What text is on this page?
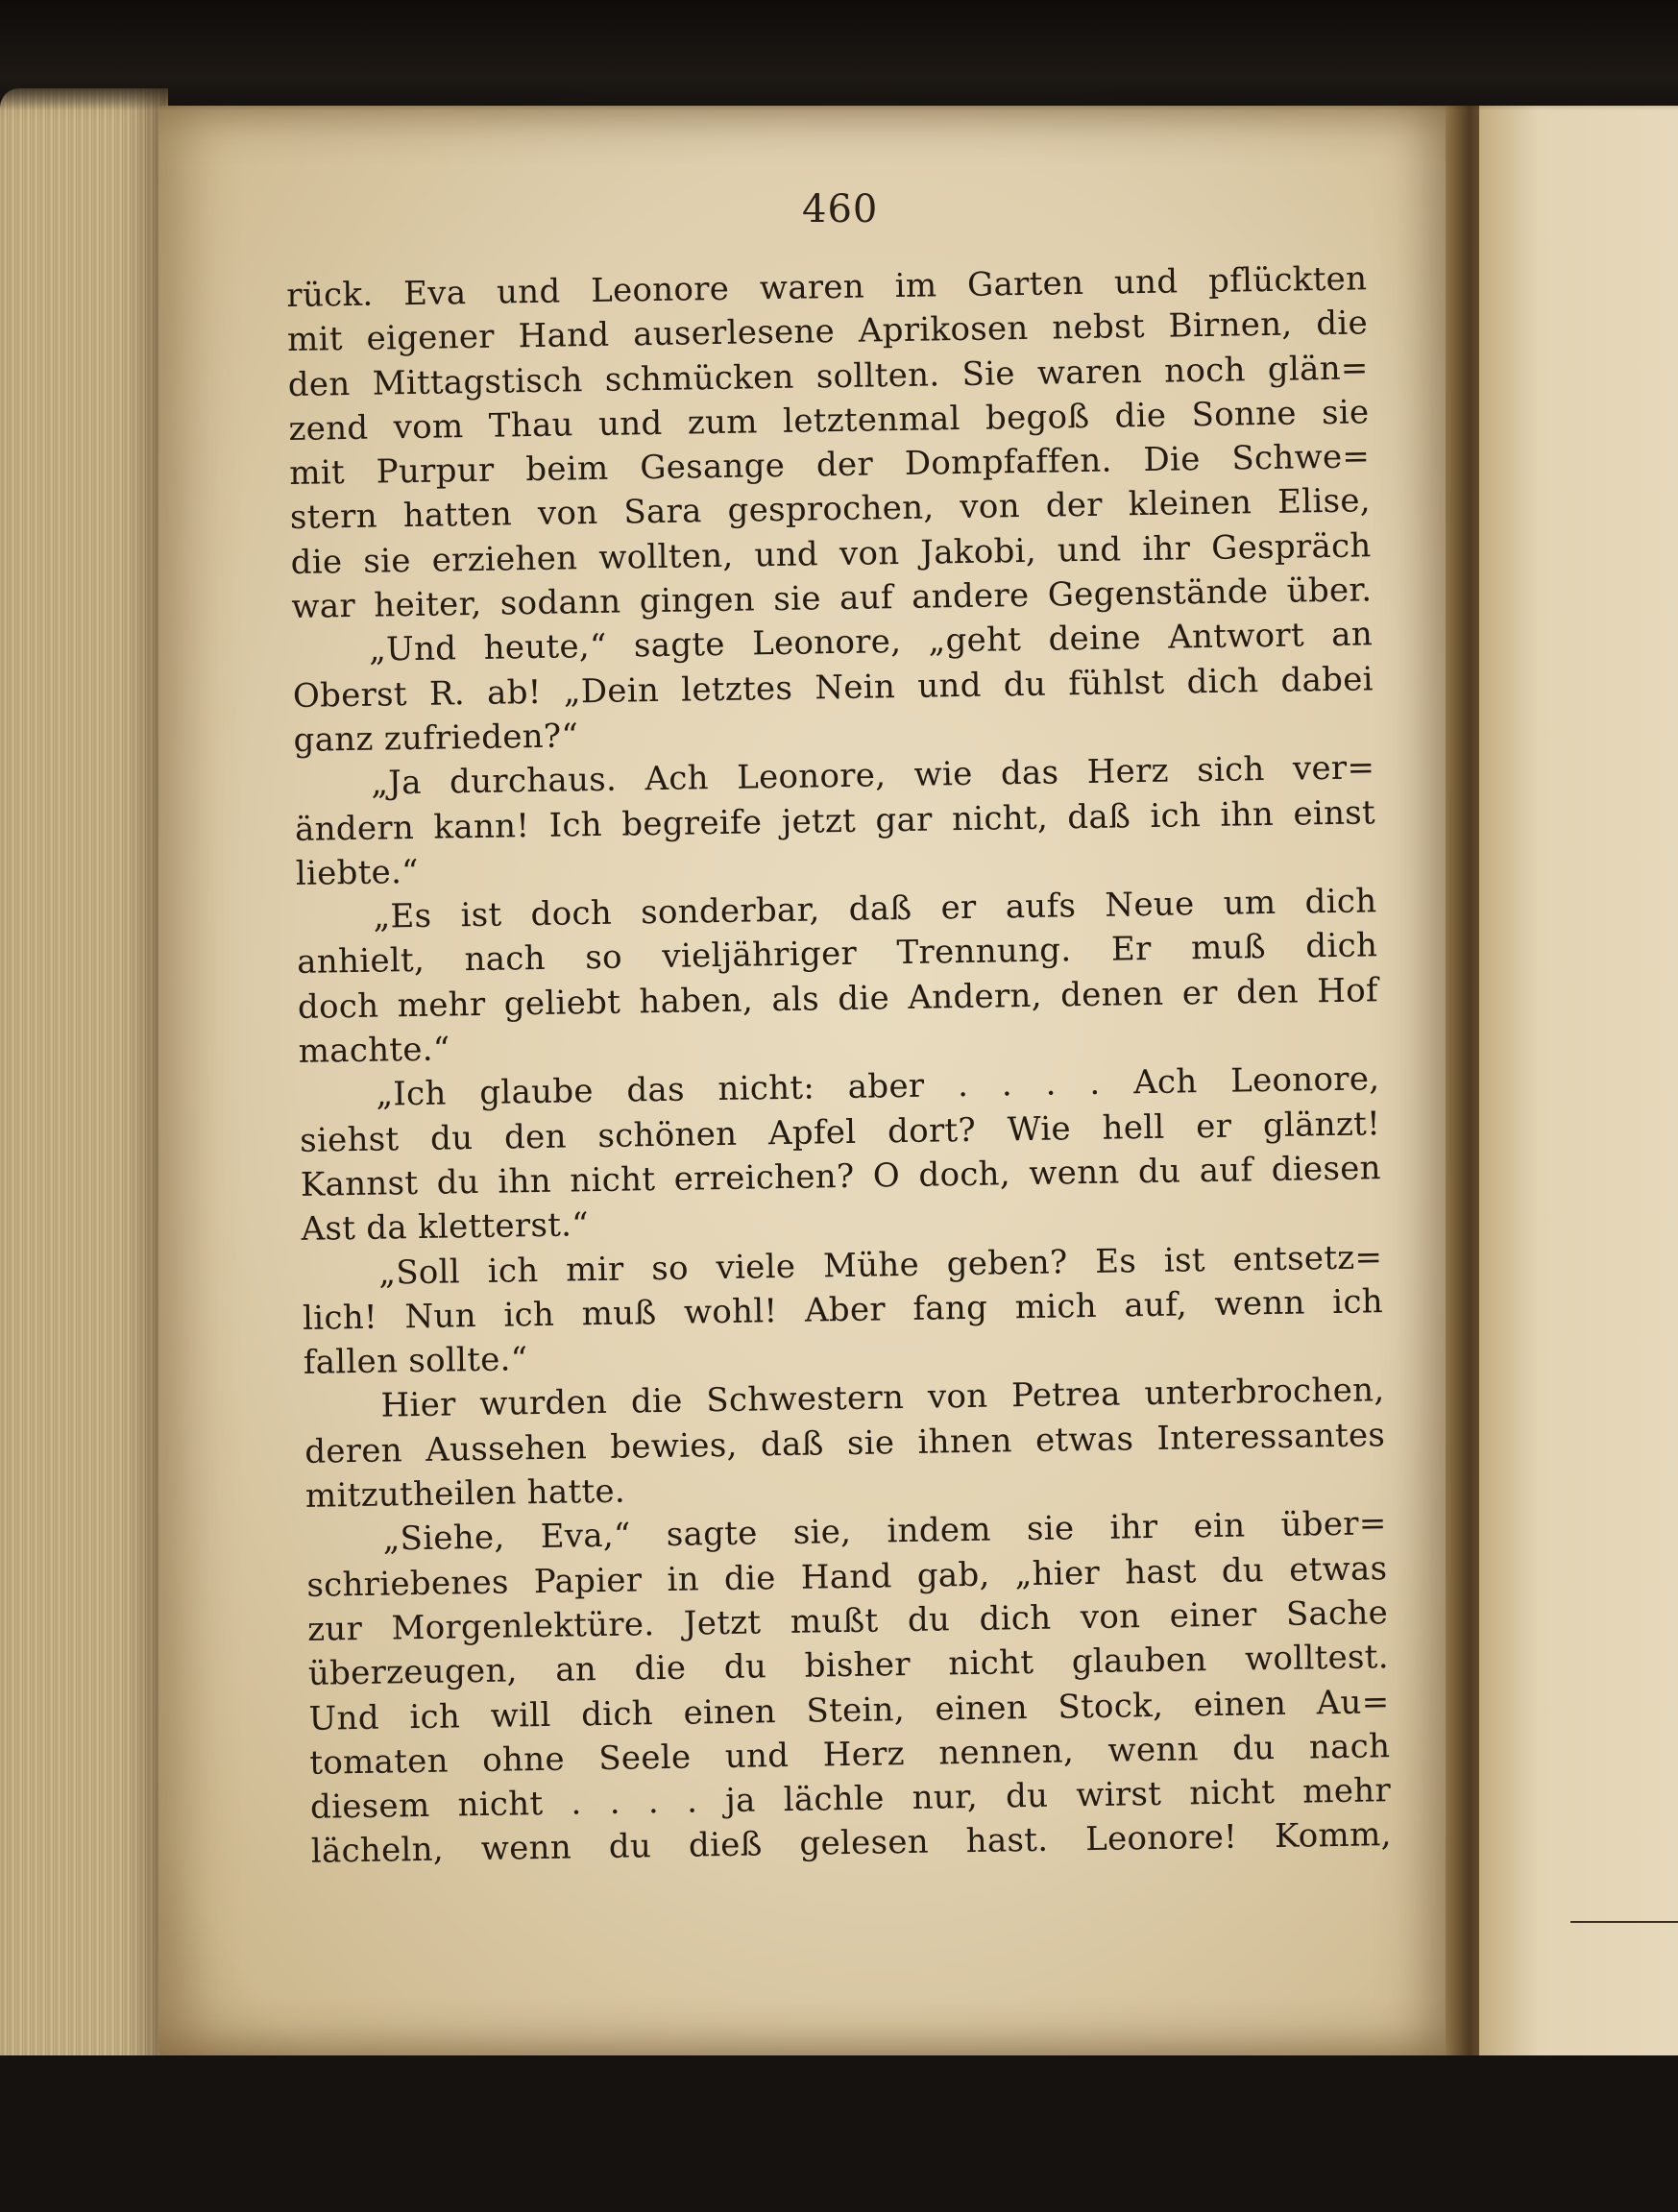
460
rück. Eva und Leonore waren im Garten und pflückten
mit eigener Hand auserlesene Aprikosen nebst Birnen, die
den Mittagstisch schmücken sollten. Sie waren noch glän=
zend vom Thau und zum letztenmal begoß die Sonne sie
mit Purpur beim Gesange der Dompfaffen. Die Schwe=
stern hatten von Sara gesprochen, von der kleinen Elise,
die sie erziehen wollten, und von Jakobi, und ihr Gespräch
war heiter, sodann gingen sie auf andere Gegenstände über.
„Und heute,“ sagte Leonore, „geht deine Antwort an
Oberst R. ab! „Dein letztes Nein und du fühlst dich dabei
ganz zufrieden?“
„Ja durchaus. Ach Leonore, wie das Herz sich ver=
ändern kann! Ich begreife jetzt gar nicht, daß ich ihn einst
liebte.“
„Es ist doch sonderbar, daß er aufs Neue um dich
anhielt, nach so vieljähriger Trennung. Er muß dich
doch mehr geliebt haben, als die Andern, denen er den Hof
machte.“
„Ich glaube das nicht: aber . . . . Ach Leonore,
siehst du den schönen Apfel dort? Wie hell er glänzt!
Kannst du ihn nicht erreichen? O doch, wenn du auf diesen
Ast da kletterst.“
„Soll ich mir so viele Mühe geben? Es ist entsetz=
lich! Nun ich muß wohl! Aber fang mich auf, wenn ich
fallen sollte.“
Hier wurden die Schwestern von Petrea unterbrochen,
deren Aussehen bewies, daß sie ihnen etwas Interessantes
mitzutheilen hatte.
„Siehe, Eva,“ sagte sie, indem sie ihr ein über=
schriebenes Papier in die Hand gab, „hier hast du etwas
zur Morgenlektüre. Jetzt mußt du dich von einer Sache
überzeugen, an die du bisher nicht glauben wolltest.
Und ich will dich einen Stein, einen Stock, einen Au=
tomaten ohne Seele und Herz nennen, wenn du nach
diesem nicht . . . . ja lächle nur, du wirst nicht mehr
lächeln, wenn du dieß gelesen hast. Leonore! Komm,
